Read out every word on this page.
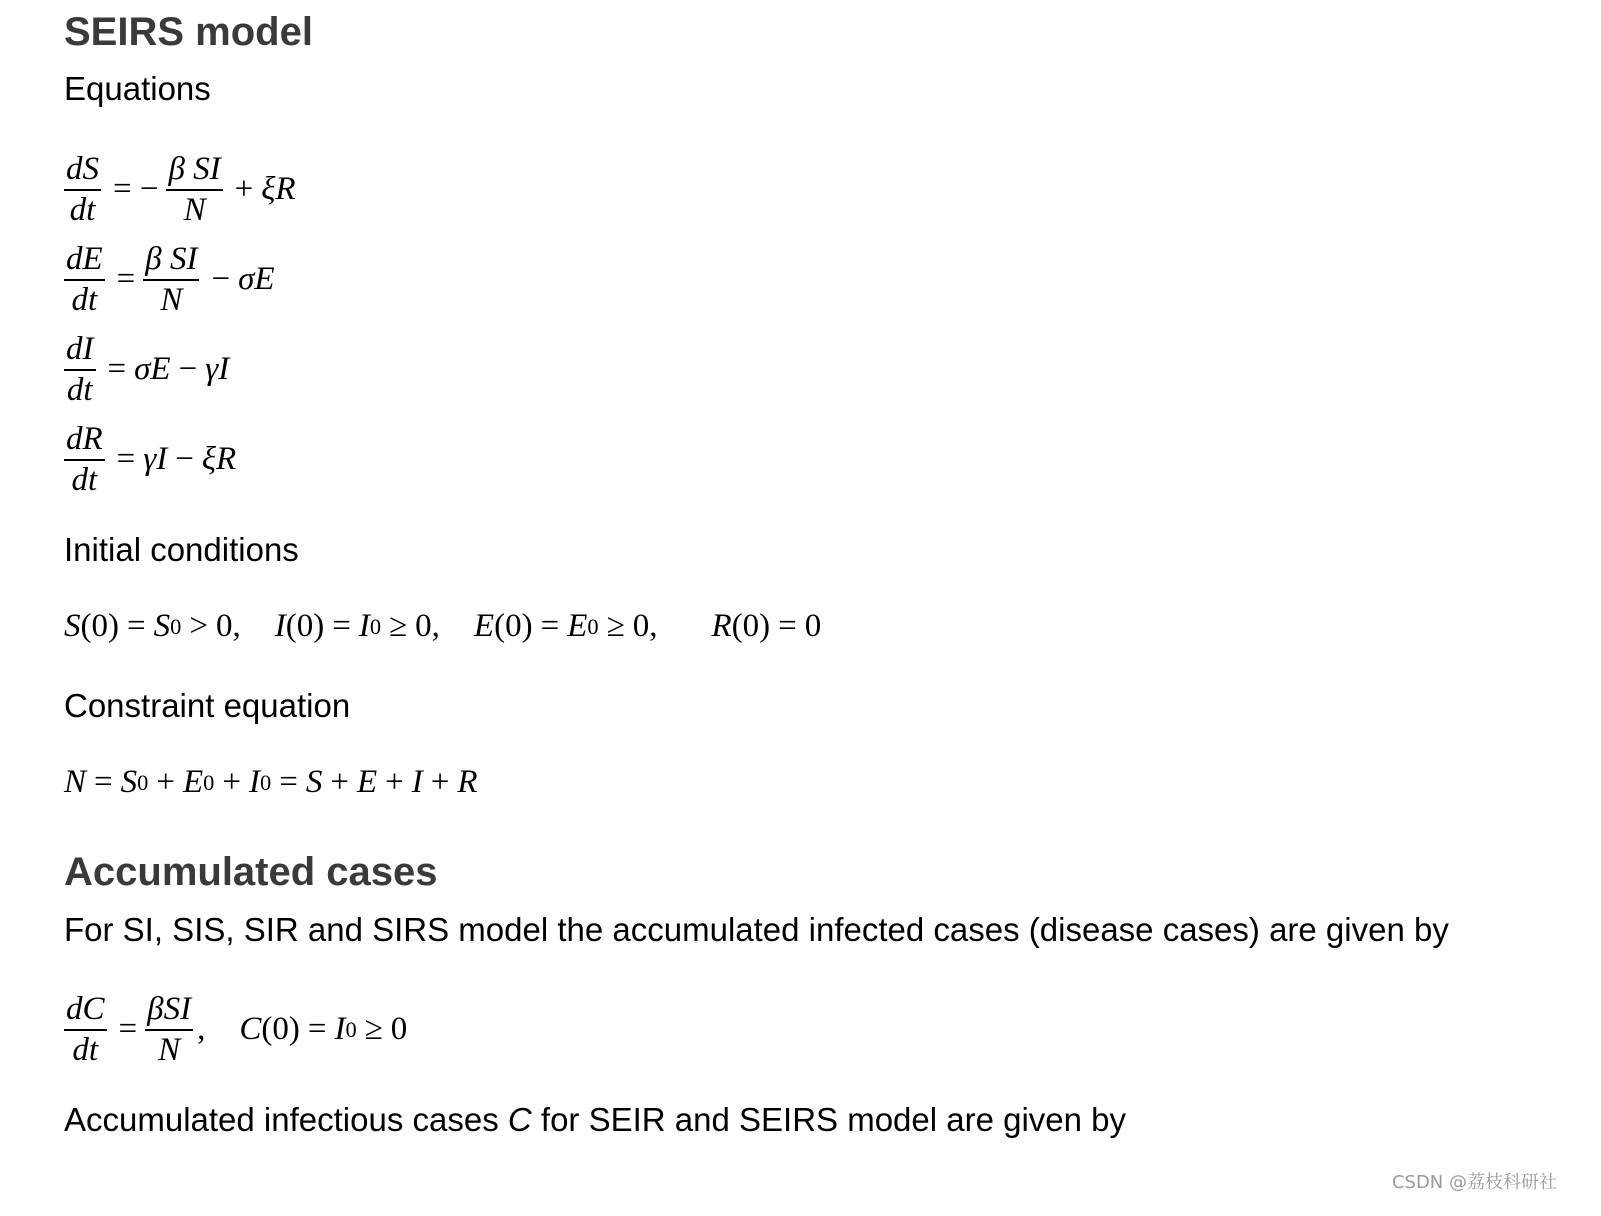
SEIRS model

Equations

$\frac{dS}{dt}$ = − $\frac{\text{β SI}}{N} + \xi R$
$\frac{dE}{dt} = \frac{\text{β SI}}{N} - \sigma E$
$\frac{dI}{dt} = \sigma E - \gamma I$
$\frac{dR}{dt} = \gamma I - \xi R$

Initial conditions

S (0) = S 0 > 0, I (0) = I 0 ≥ 0, E (0) = E 0 ≥ 0, R (0) = 0

Constraint equation

N = S 0 + E 0 + I 0 = S + E + I + R
Accumulated cases

For SI, SIS, SIR and SIRS model the accumulated infected cases (disease cases) are given by

$\frac{dC}{dt} = \frac{\text{βSI}}{N}$ , C (0) = I 0 ≥ 0

Accumulated infectious cases C for SEIR and SEIRS model are given by

CSDN @荔枝科研社
